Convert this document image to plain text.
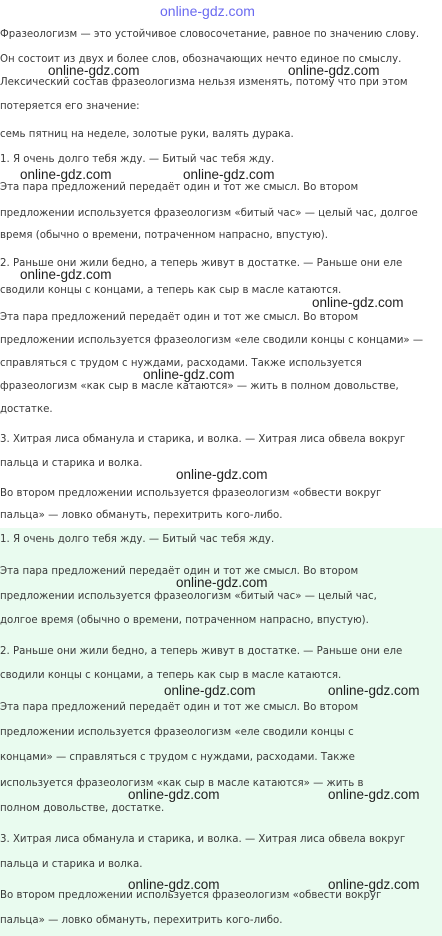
Фразеологизм — это устойчивое словосочетание, равное по значению слову.
Он состоит из двух и более слов, обозначающих нечто единое по смыслу.
Лексический состав фразеологизма нельзя изменять, потому что при этом
потеряется его значение:
семь пятниц на неделе, золотые руки, валять дурака.
1. Я очень долго тебя жду. — Битый час тебя жду.
Эта пара предложений передаёт один и тот же смысл. Во втором
предложении используется фразеологизм «битый час» — целый час, долгое
время (обычно о времени, потраченном напрасно, впустую).
2. Раньше они жили бедно, а теперь живут в достатке. — Раньше они еле
сводили концы с концами, а теперь как сыр в масле катаются.
Эта пара предложений передаёт один и тот же смысл. Во втором
предложении используется фразеологизм «еле сводили концы с концами» —
справляться с трудом с нуждами, расходами. Также используется
фразеологизм «как сыр в масле катаются» — жить в полном довольстве,
достатке.
3. Хитрая лиса обманула и старика, и волка. — Хитрая лиса обвела вокруг
пальца и старика и волка.
Во втором предложении используется фразеологизм «обвести вокруг
пальца» — ловко обмануть, перехитрить кого-либо.
1. Я очень долго тебя жду. — Битый час тебя жду.
Эта пара предложений передаёт один и тот же смысл. Во втором
предложении используется фразеологизм «битый час» — целый час,
долгое время (обычно о времени, потраченном напрасно, впустую).
2. Раньше они жили бедно, а теперь живут в достатке. — Раньше они еле
сводили концы с концами, а теперь как сыр в масле катаются.
Эта пара предложений передаёт один и тот же смысл. Во втором
предложении используется фразеологизм «еле сводили концы с
концами» — справляться с трудом с нуждами, расходами. Также
используется фразеологизм «как сыр в масле катаются» — жить в
полном довольстве, достатке.
3. Хитрая лиса обманула и старика, и волка. — Хитрая лиса обвела вокруг
пальца и старика и волка.
Во втором предложении используется фразеологизм «обвести вокруг
пальца» — ловко обмануть, перехитрить кого-либо.
online-gdz.com
online-gdz.com	online-gdz.com
online-gdz.com	online-gdz.com
online-gdz.com
online-gdz.com
online-gdz.com
online-gdz.com
online-gdz.com
online-gdz.com	online-gdz.com
online-gdz.com	online-gdz.com
online-gdz.com	online-gdz.com
